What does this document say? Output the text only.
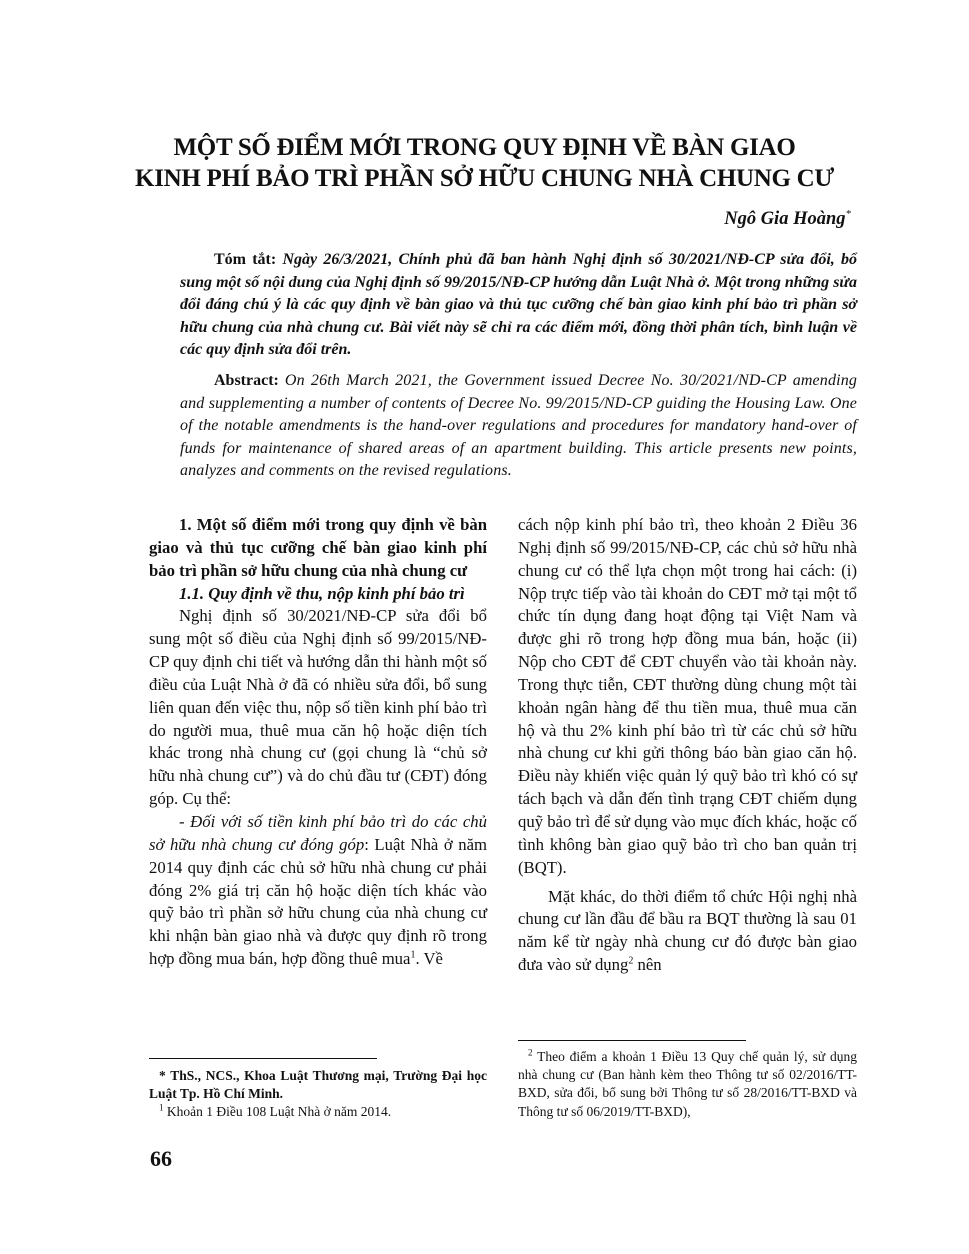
MỘT SỐ ĐIỂM MỚI TRONG QUY ĐỊNH VỀ BÀN GIAO
KINH PHÍ BẢO TRÌ PHẦN SỞ HỮU CHUNG NHÀ CHUNG CƯ
Ngô Gia Hoàng*
Tóm tắt: Ngày 26/3/2021, Chính phủ đã ban hành Nghị định số 30/2021/NĐ-CP sửa đổi, bổ sung một số nội dung của Nghị định số 99/2015/NĐ-CP hướng dẫn Luật Nhà ở. Một trong những sửa đổi đáng chú ý là các quy định về bàn giao và thủ tục cưỡng chế bàn giao kinh phí bảo trì phần sở hữu chung của nhà chung cư. Bài viết này sẽ chỉ ra các điểm mới, đồng thời phân tích, bình luận về các quy định sửa đổi trên.
Abstract: On 26th March 2021, the Government issued Decree No. 30/2021/ND-CP amending and supplementing a number of contents of Decree No. 99/2015/ND-CP guiding the Housing Law. One of the notable amendments is the hand-over regulations and procedures for mandatory hand-over of funds for maintenance of shared areas of an apartment building. This article presents new points, analyzes and comments on the revised regulations.
1. Một số điểm mới trong quy định về bàn giao và thủ tục cưỡng chế bàn giao kinh phí bảo trì phần sở hữu chung của nhà chung cư
1.1. Quy định về thu, nộp kinh phí bảo trì

Nghị định số 30/2021/NĐ-CP sửa đổi bổ sung một số điều của Nghị định số 99/2015/NĐ-CP quy định chi tiết và hướng dẫn thi hành một số điều của Luật Nhà ở đã có nhiều sửa đổi, bổ sung liên quan đến việc thu, nộp số tiền kinh phí bảo trì do người mua, thuê mua căn hộ hoặc diện tích khác trong nhà chung cư (gọi chung là “chủ sở hữu nhà chung cư”) và do chủ đầu tư (CĐT) đóng góp. Cụ thể:

- Đối với số tiền kinh phí bảo trì do các chủ sở hữu nhà chung cư đóng góp: Luật Nhà ở năm 2014 quy định các chủ sở hữu nhà chung cư phải đóng 2% giá trị căn hộ hoặc diện tích khác vào quỹ bảo trì phần sở hữu chung của nhà chung cư khi nhận bàn giao nhà và được quy định rõ trong hợp đồng mua bán, hợp đồng thuê mua$^1$. Về

cách nộp kinh phí bảo trì, theo khoản 2 Điều 36 Nghị định số 99/2015/NĐ-CP, các chủ sở hữu nhà chung cư có thể lựa chọn một trong hai cách: (i) Nộp trực tiếp vào tài khoản do CĐT mở tại một tổ chức tín dụng đang hoạt động tại Việt Nam và được ghi rõ trong hợp đồng mua bán, hoặc (ii) Nộp cho CĐT để CĐT chuyển vào tài khoản này. Trong thực tiễn, CĐT thường dùng chung một tài khoản ngân hàng để thu tiền mua, thuê mua căn hộ và thu 2% kinh phí bảo trì từ các chủ sở hữu nhà chung cư khi gửi thông báo bàn giao căn hộ. Điều này khiến việc quản lý quỹ bảo trì khó có sự tách bạch và dẫn đến tình trạng CĐT chiếm dụng quỹ bảo trì để sử dụng vào mục đích khác, hoặc cố tình không bàn giao quỹ bảo trì cho ban quản trị (BQT).

Mặt khác, do thời điểm tổ chức Hội nghị nhà chung cư lần đầu để bầu ra BQT thường là sau 01 năm kể từ ngày nhà chung cư đó được bàn giao đưa vào sử dụng$^2$ nên

* ThS., NCS., Khoa Luật Thương mại, Trường Đại học Luật Tp. Hồ Chí Minh.

$^1$ Khoản 1 Điều 108 Luật Nhà ở năm 2014.

$^2$ Theo điểm a khoản 1 Điều 13 Quy chế quản lý, sử dụng nhà chung cư (Ban hành kèm theo Thông tư số 02/2016/TT-BXD, sửa đổi, bổ sung bởi Thông tư số 28/2016/TT-BXD và Thông tư số 06/2019/TT-BXD),

66
